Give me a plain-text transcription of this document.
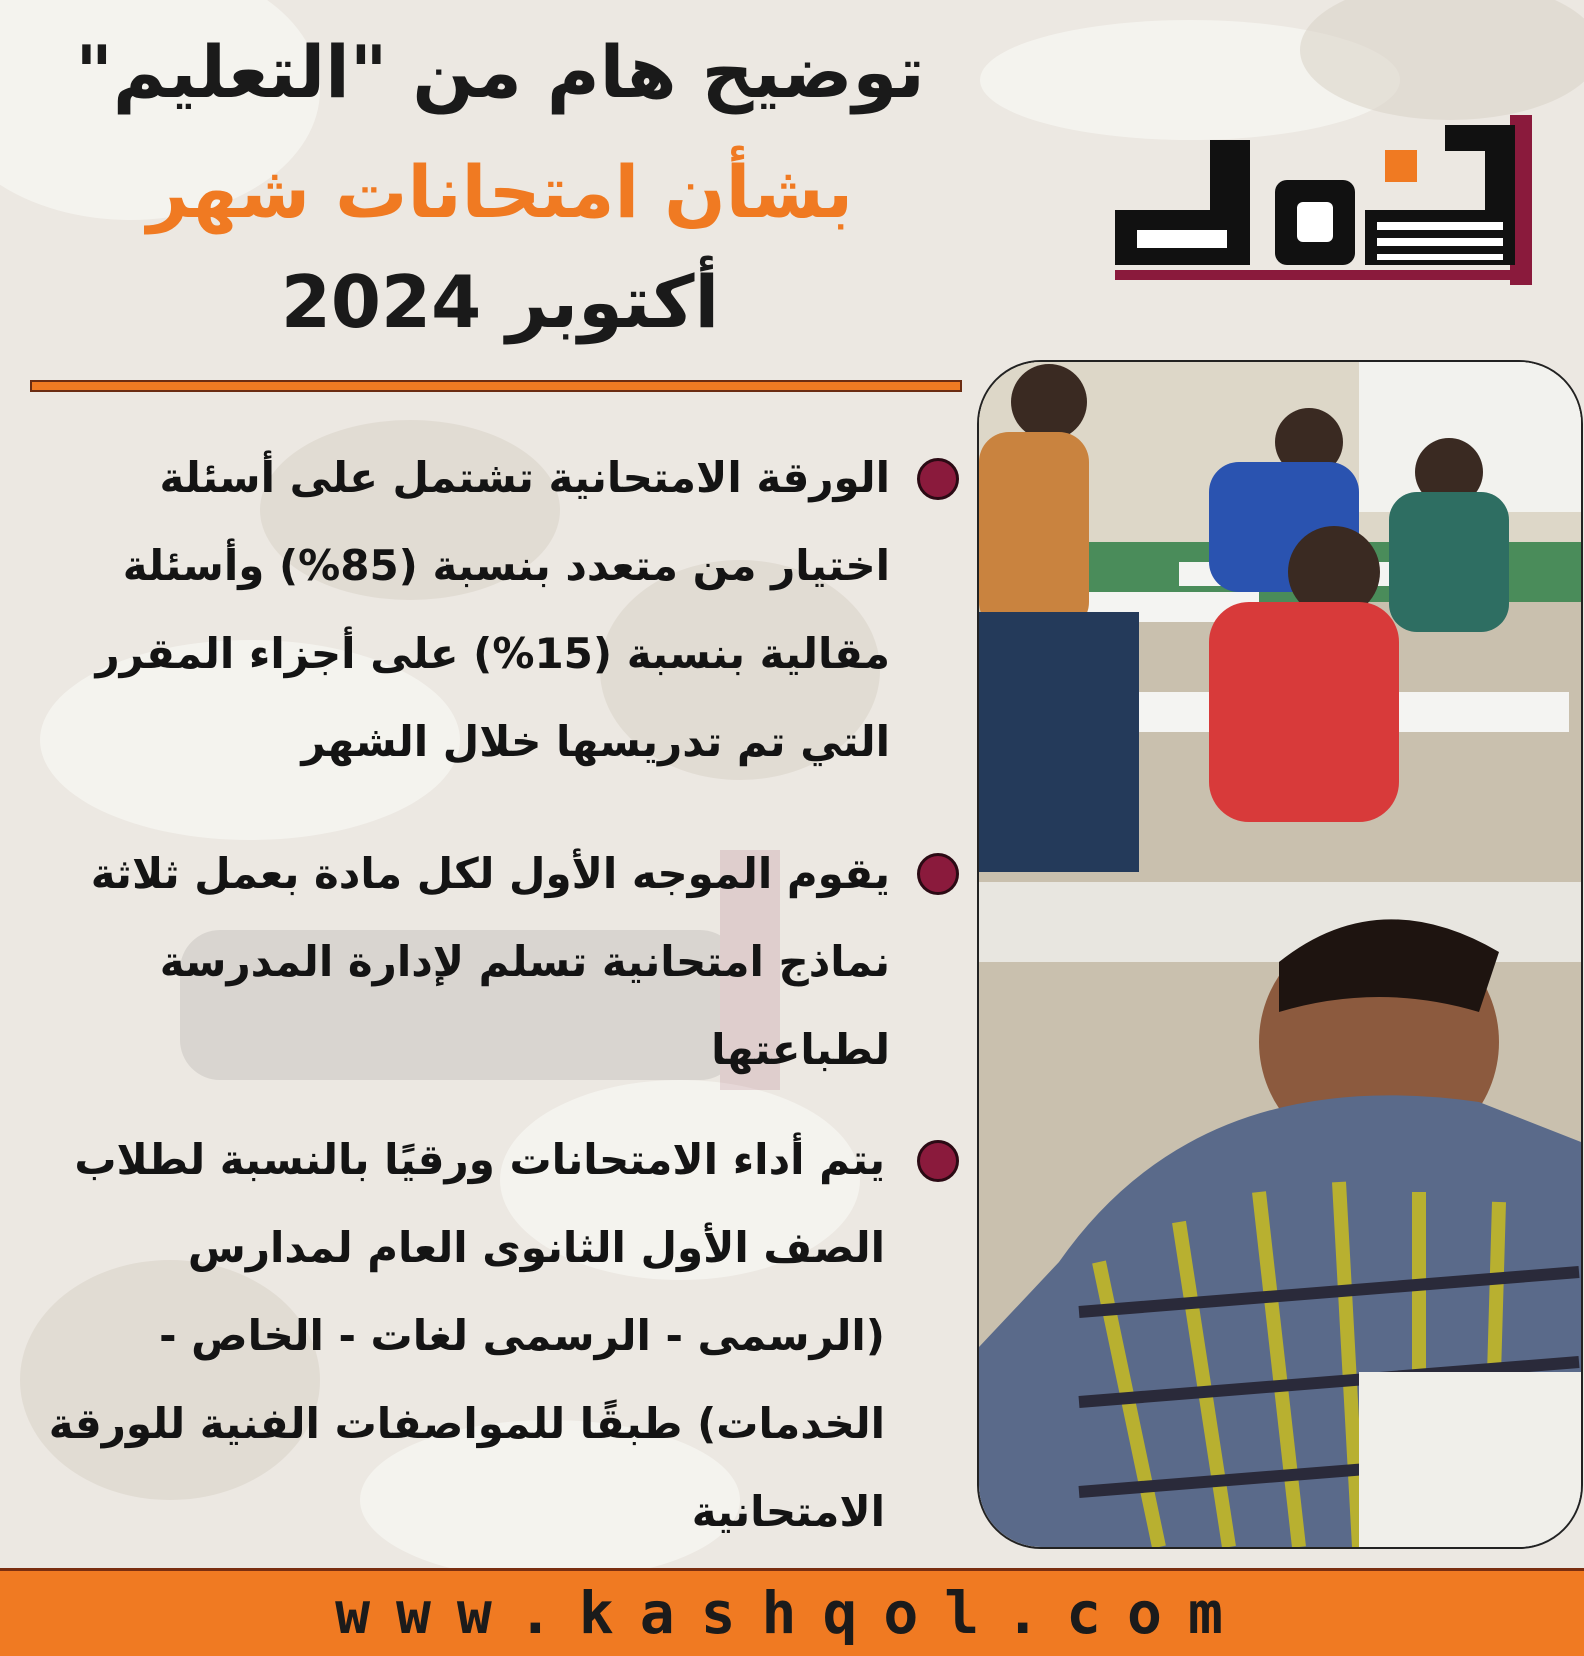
توضيح هام من "التعليم"
بشأن امتحانات شهر
أكتوبر 2024

الورقة الامتحانية تشتمل على أسئلة اختيار من متعدد بنسبة (85%) وأسئلة مقالية بنسبة (15%) على أجزاء المقرر التي تم تدريسها خلال الشهر

يقوم الموجه الأول لكل مادة بعمل ثلاثة نماذج امتحانية تسلم لإدارة المدرسة لطباعتها

يتم أداء الامتحانات ورقيًا بالنسبة لطلاب الصف الأول الثانوى العام لمدارس (الرسمى - الرسمى لغات - الخاص - الخدمات) طبقًا للمواصفات الفنية للورقة الامتحانية

www.kashqol.com
